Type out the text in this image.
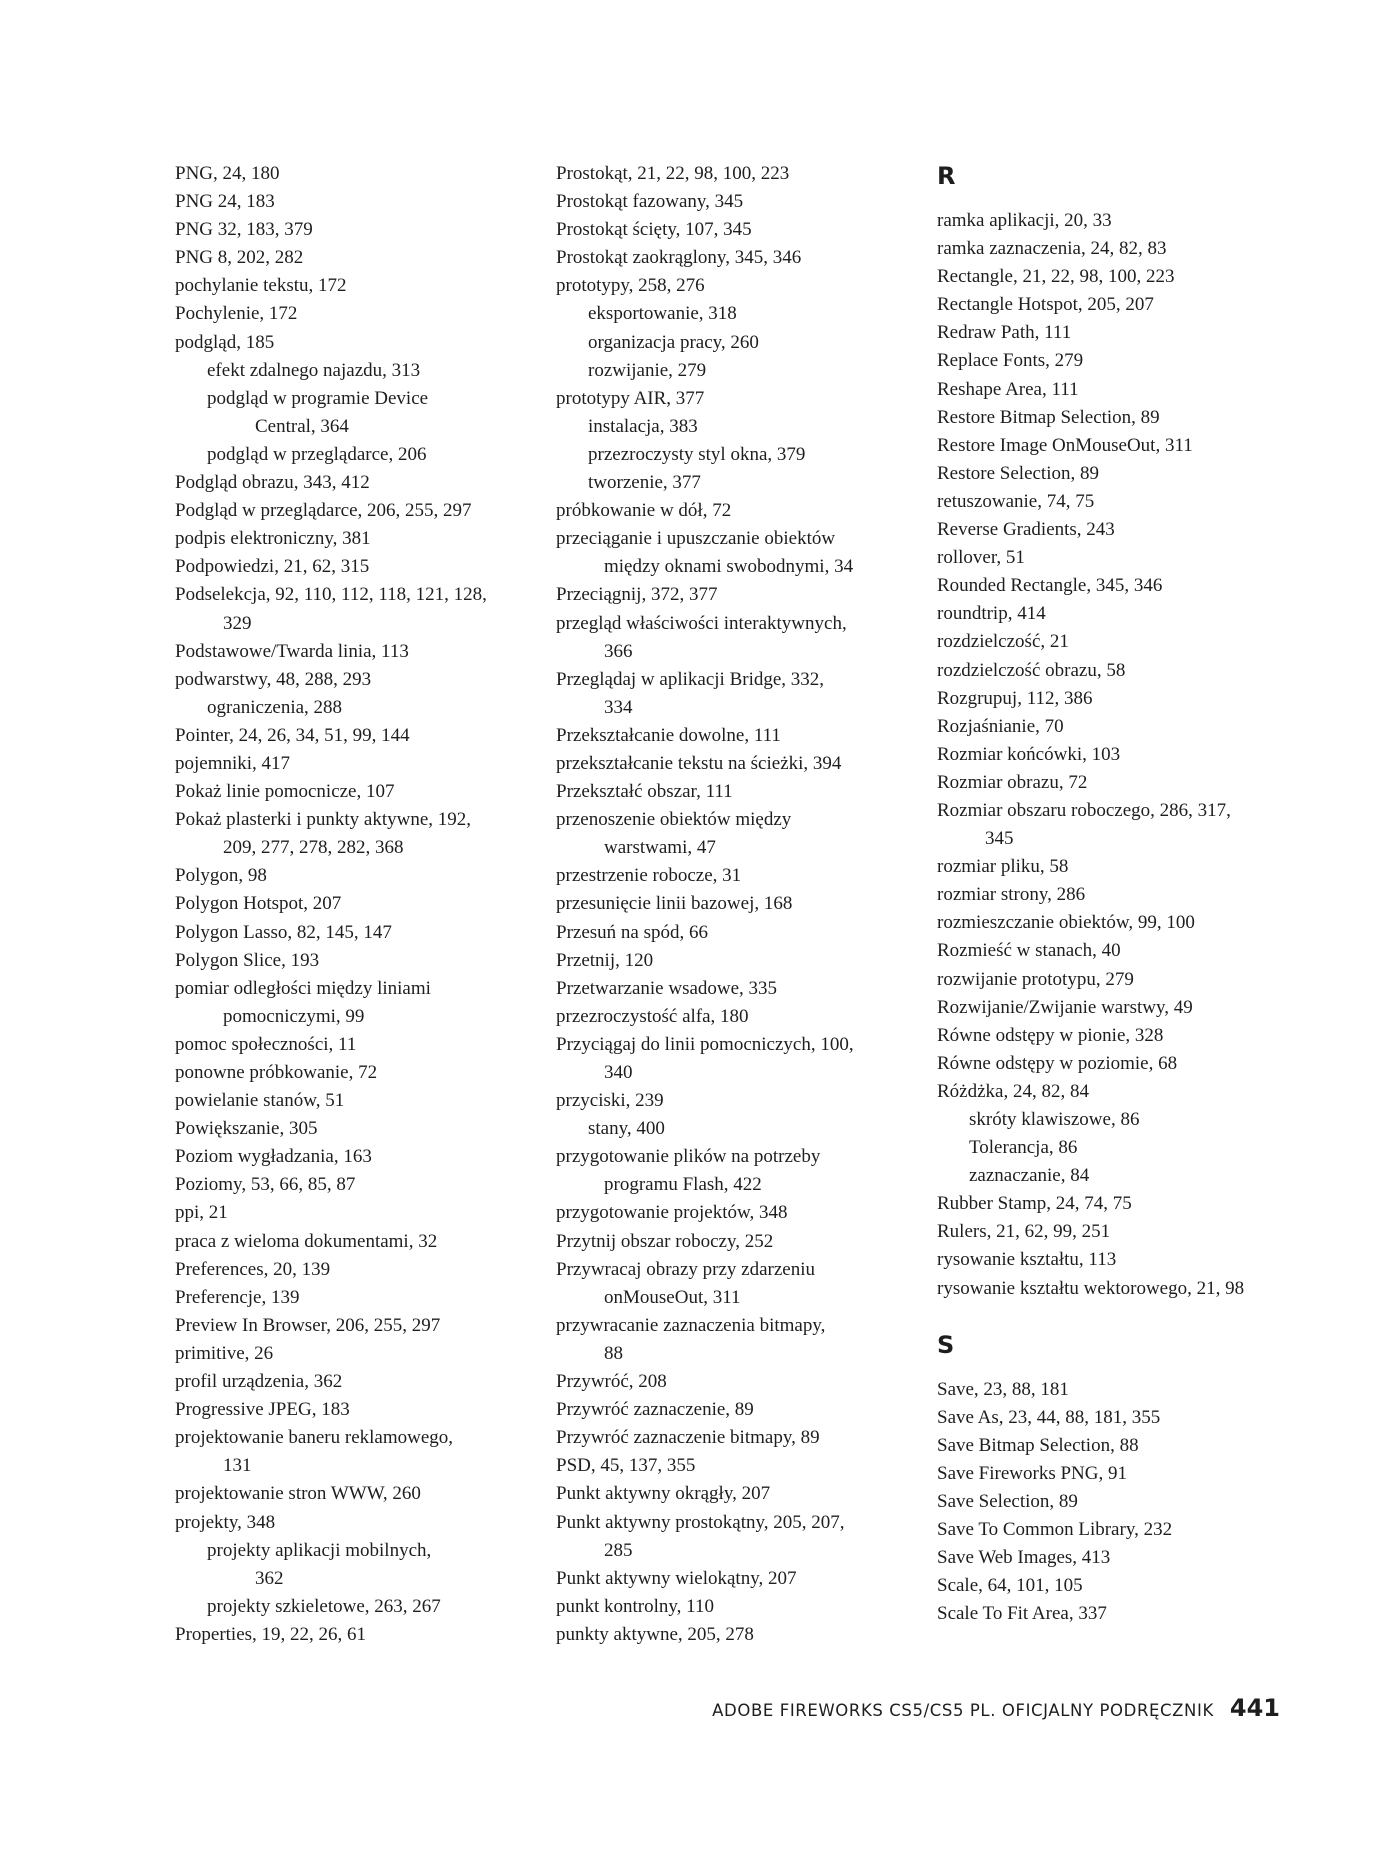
PNG, 24, 180
PNG 24, 183
PNG 32, 183, 379
PNG 8, 202, 282
pochylanie tekstu, 172
Pochylenie, 172
podgląd, 185
efekt zdalnego najazdu, 313
podgląd w programie Device
Central, 364
podgląd w przeglądarce, 206
Podgląd obrazu, 343, 412
Podgląd w przeglądarce, 206, 255, 297
podpis elektroniczny, 381
Podpowiedzi, 21, 62, 315
Podselekcja, 92, 110, 112, 118, 121, 128,
329
Podstawowe/Twarda linia, 113
podwarstwy, 48, 288, 293
ograniczenia, 288
Pointer, 24, 26, 34, 51, 99, 144
pojemniki, 417
Pokaż linie pomocnicze, 107
Pokaż plasterki i punkty aktywne, 192,
209, 277, 278, 282, 368
Polygon, 98
Polygon Hotspot, 207
Polygon Lasso, 82, 145, 147
Polygon Slice, 193
pomiar odległości między liniami
pomocniczymi, 99
pomoc społeczności, 11
ponowne próbkowanie, 72
powielanie stanów, 51
Powiększanie, 305
Poziom wygładzania, 163
Poziomy, 53, 66, 85, 87
ppi, 21
praca z wieloma dokumentami, 32
Preferences, 20, 139
Preferencje, 139
Preview In Browser, 206, 255, 297
primitive, 26
profil urządzenia, 362
Progressive JPEG, 183
projektowanie baneru reklamowego,
131
projektowanie stron WWW, 260
projekty, 348
projekty aplikacji mobilnych,
362
projekty szkieletowe, 263, 267
Properties, 19, 22, 26, 61
Prostokąt, 21, 22, 98, 100, 223
Prostokąt fazowany, 345
Prostokąt ścięty, 107, 345
Prostokąt zaokrąglony, 345, 346
prototypy, 258, 276
eksportowanie, 318
organizacja pracy, 260
rozwijanie, 279
prototypy AIR, 377
instalacja, 383
przezroczysty styl okna, 379
tworzenie, 377
próbkowanie w dół, 72
przeciąganie i upuszczanie obiektów
między oknami swobodnymi, 34
Przeciągnij, 372, 377
przegląd właściwości interaktywnych,
366
Przeglądaj w aplikacji Bridge, 332,
334
Przekształcanie dowolne, 111
przekształcanie tekstu na ścieżki, 394
Przekształć obszar, 111
przenoszenie obiektów między
warstwami, 47
przestrzenie robocze, 31
przesunięcie linii bazowej, 168
Przesuń na spód, 66
Przetnij, 120
Przetwarzanie wsadowe, 335
przezroczystość alfa, 180
Przyciągaj do linii pomocniczych, 100,
340
przyciski, 239
stany, 400
przygotowanie plików na potrzeby
programu Flash, 422
przygotowanie projektów, 348
Przytnij obszar roboczy, 252
Przywracaj obrazy przy zdarzeniu
onMouseOut, 311
przywracanie zaznaczenia bitmapy,
88
Przywróć, 208
Przywróć zaznaczenie, 89
Przywróć zaznaczenie bitmapy, 89
PSD, 45, 137, 355
Punkt aktywny okrągły, 207
Punkt aktywny prostokątny, 205, 207,
285
Punkt aktywny wielokątny, 207
punkt kontrolny, 110
punkty aktywne, 205, 278
R
ramka aplikacji, 20, 33
ramka zaznaczenia, 24, 82, 83
Rectangle, 21, 22, 98, 100, 223
Rectangle Hotspot, 205, 207
Redraw Path, 111
Replace Fonts, 279
Reshape Area, 111
Restore Bitmap Selection, 89
Restore Image OnMouseOut, 311
Restore Selection, 89
retuszowanie, 74, 75
Reverse Gradients, 243
rollover, 51
Rounded Rectangle, 345, 346
roundtrip, 414
rozdzielczość, 21
rozdzielczość obrazu, 58
Rozgrupuj, 112, 386
Rozjaśnianie, 70
Rozmiar końcówki, 103
Rozmiar obrazu, 72
Rozmiar obszaru roboczego, 286, 317,
345
rozmiar pliku, 58
rozmiar strony, 286
rozmieszczanie obiektów, 99, 100
Rozmieść w stanach, 40
rozwijanie prototypu, 279
Rozwijanie/Zwijanie warstwy, 49
Równe odstępy w pionie, 328
Równe odstępy w poziomie, 68
Różdżka, 24, 82, 84
skróty klawiszowe, 86
Tolerancja, 86
zaznaczanie, 84
Rubber Stamp, 24, 74, 75
Rulers, 21, 62, 99, 251
rysowanie kształtu, 113
rysowanie kształtu wektorowego, 21, 98
S
Save, 23, 88, 181
Save As, 23, 44, 88, 181, 355
Save Bitmap Selection, 88
Save Fireworks PNG, 91
Save Selection, 89
Save To Common Library, 232
Save Web Images, 413
Scale, 64, 101, 105
Scale To Fit Area, 337
ADOBE FIREWORKS CS5/CS5 PL. OFICJALNY PODRĘCZNIK 441
